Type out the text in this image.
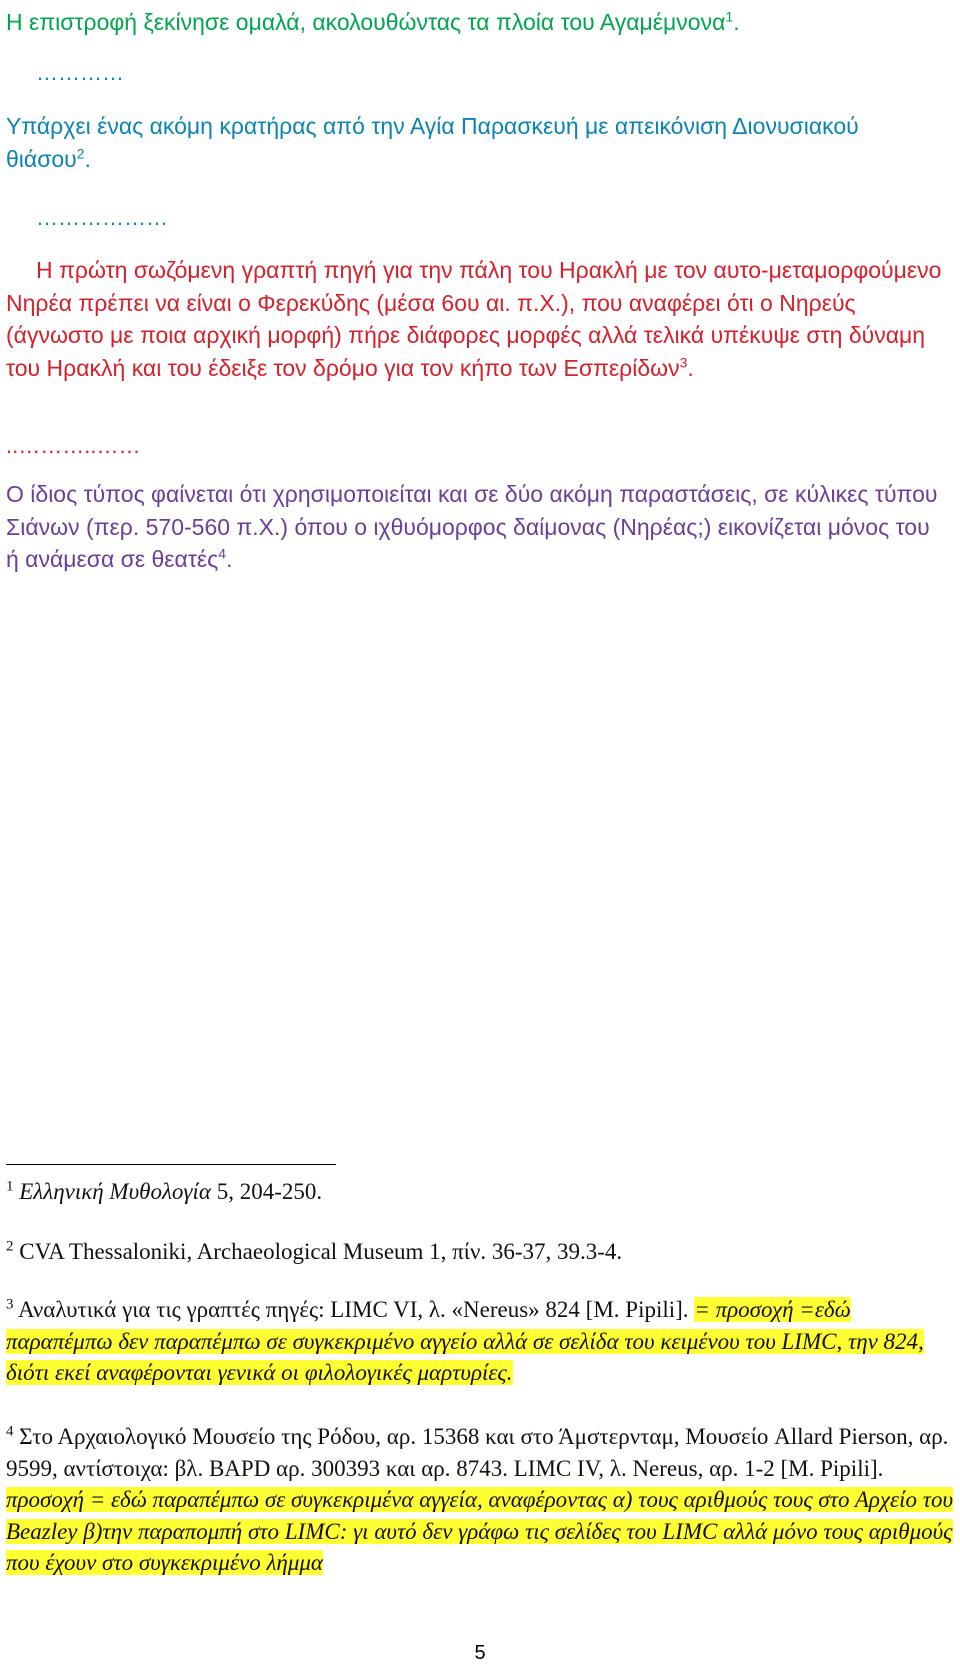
Η επιστροφή ξεκίνησε ομαλά, ακολουθώντας τα πλοία του Αγαμέμνονα$^1$.

…………

Υπάρχει ένας ακόμη κρατήρας από την Αγία Παρασκευή με απεικόνιση Διονυσιακού θιάσου$^2$.

………………

Η πρώτη σωζόμενη γραπτή πηγή για την πάλη του Ηρακλή με τον αυτο-μεταμορφούμενο Νηρέα πρέπει να είναι ο Φερεκύδης (μέσα 6ου αι. π.Χ.), που αναφέρει ότι ο Νηρεύς (άγνωστο με ποια αρχική μορφή) πήρε διάφορες μορφές αλλά τελικά υπέκυψε στη δύναμη του Ηρακλή και του έδειξε τον δρόμο για τον κήπο των Εσπερίδων$^3$.

..………..……

Ο ίδιος τύπος φαίνεται ότι χρησιμοποιείται και σε δύο ακόμη παραστάσεις, σε κύλικες τύπου Σιάνων (περ. 570-560 π.Χ.) όπου ο ιχθυόμορφος δαίμονας (Νηρέας;) εικονίζεται μόνος του ή ανάμεσα σε θεατές$^4$.

$^1$ Ελληνική Μυθολογία 5, 204-250.

$^2$ CVA Thessaloniki, Archaeological Museum 1, πίν. 36-37, 39.3-4.

$^3$ Αναλυτικά για τις γραπτές πηγές: LIMC VI, λ. «Nereus» 824 [M. Pipili]. = προσοχή =εδώ παραπέμπω δεν παραπέμπω σε συγκεκριμένο αγγείο αλλά σε σελίδα του κειμένου του LIMC, την 824, διότι εκεί αναφέρονται γενικά οι φιλολογικές μαρτυρίες.

$^4$ Στο Αρχαιολογικό Μουσείο της Ρόδου, αρ. 15368 και στο Άμστερνταμ, Μουσείο Allard Pierson, αρ. 9599, αντίστοιχα: βλ. BAPD αρ. 300393 και αρ. 8743. LIMC IV, λ. Nereus, αρ. 1-2 [M. Pipili]. προσοχή = εδώ παραπέμπω σε συγκεκριμένα αγγεία, αναφέροντας α) τους αριθμούς τους στο Αρχείο του Beazley β)την παραπομπή στο LIMC: γι αυτό δεν γράφω τις σελίδες του LIMC αλλά μόνο τους αριθμούς που έχουν στο συγκεκριμένο λήμμα

5
